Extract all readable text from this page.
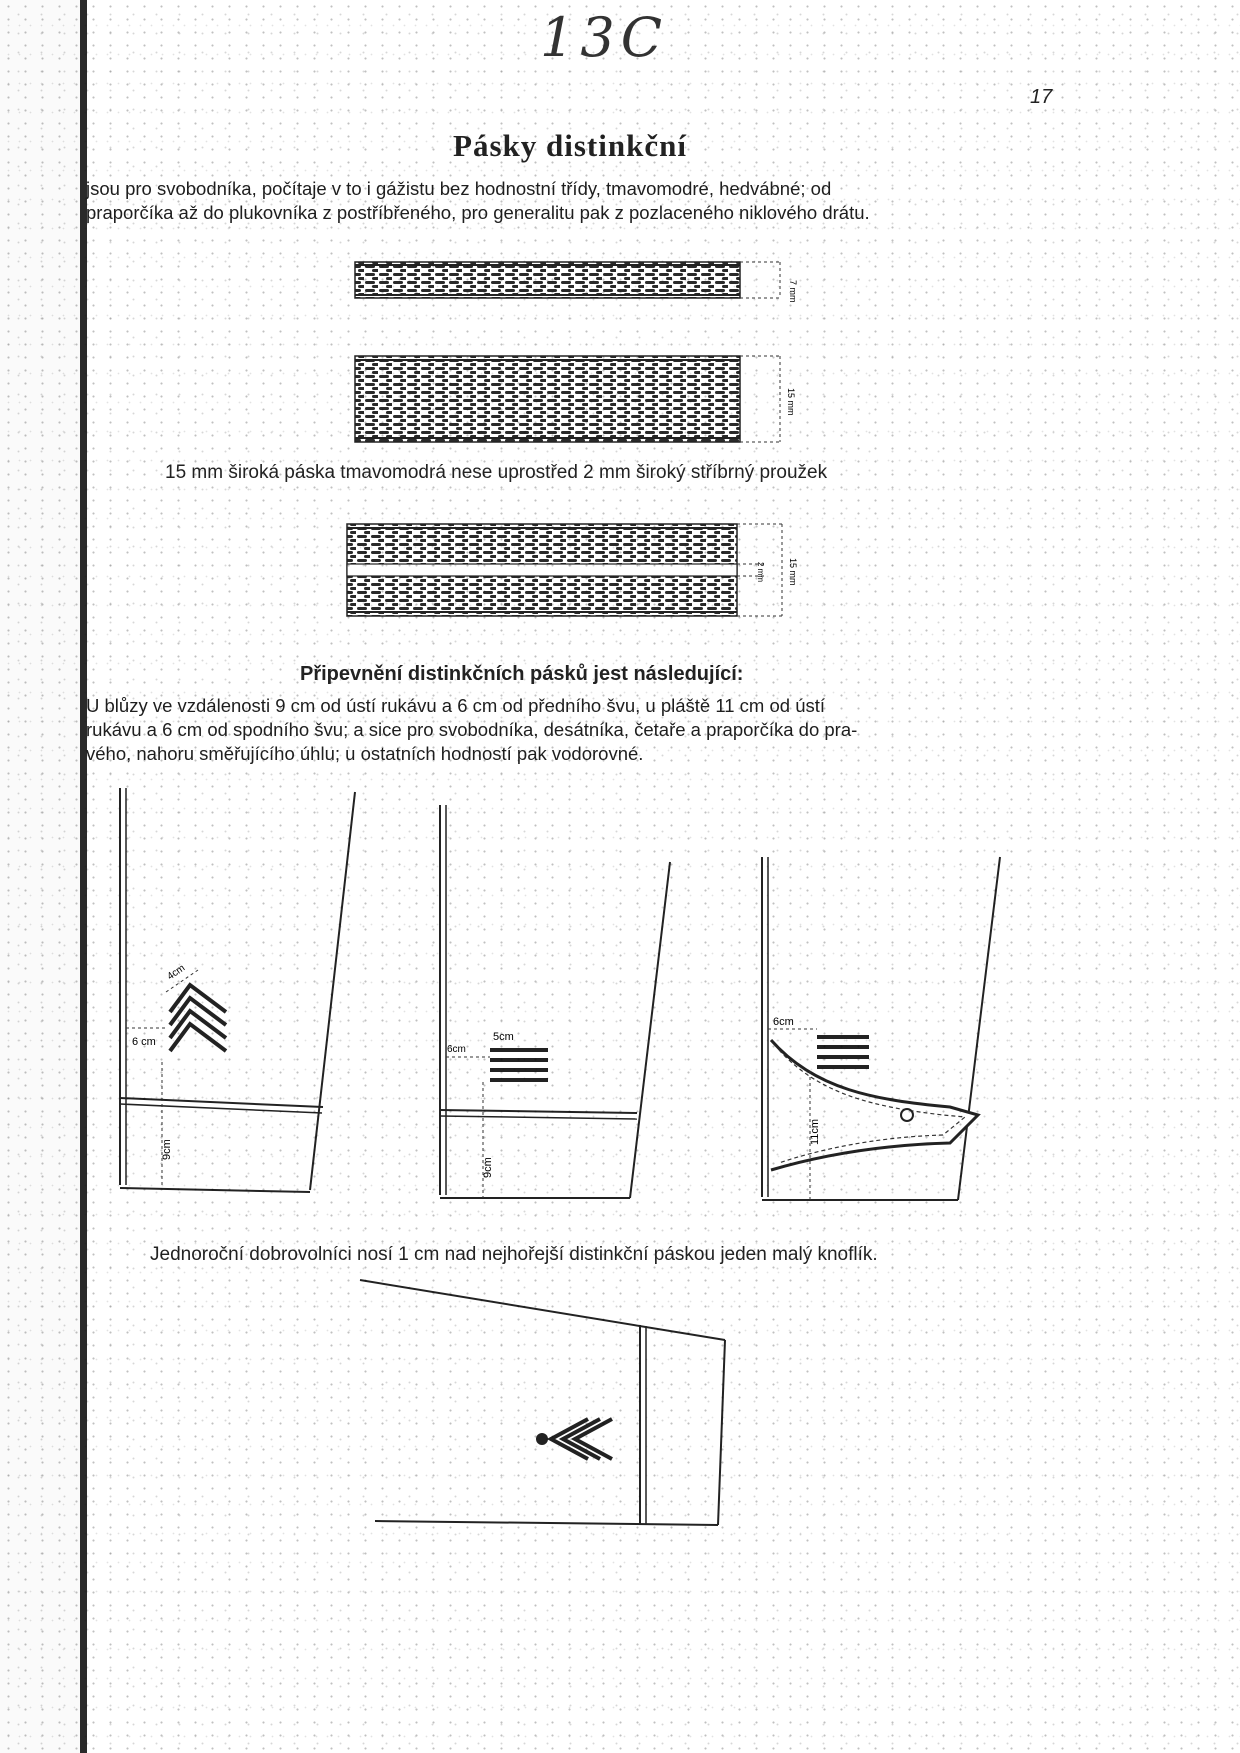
13C
17
Pásky distinkční
jsou pro svobodníka, počítaje v to i gážistu bez hodnostní třídy, tmavomodré, hedvábné; od
praporčíka až do plukovníka z postříbřeného, pro generalitu pak z pozlaceného niklového drátu.
7 mm
15 mm
15 mm široká páska tmavomodrá nese uprostřed 2 mm široký stříbrný proužek
2 mm	15 mm
Připevnění distinkčních pásků jest následující:
U blůzy ve vzdálenosti 9 cm od ústí rukávu a 6 cm od předního švu, u pláště 11 cm od ústí
rukávu a 6 cm od spodního švu; a sice pro svobodníka, desátníka, četaře a praporčíka do pra-
vého, nahoru směřujícího úhlu; u ostatních hodností pak vodorovné.
4cm
6 cm
9cm
5cm
6cm
9cm
6cm
11cm
Jednoroční dobrovolníci nosí 1 cm nad nejhořejší distinkční páskou jeden malý knoflík.
